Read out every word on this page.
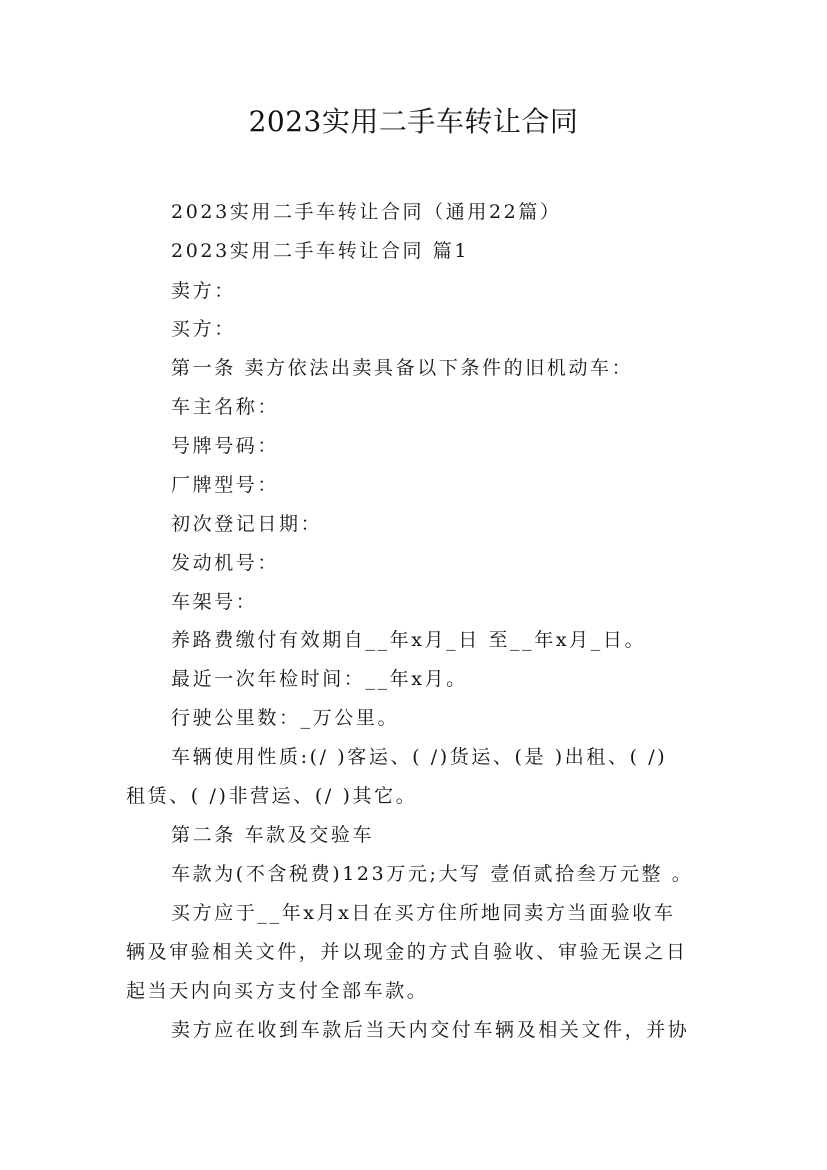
2023实用二手车转让合同
2023实用二手车转让合同（通用22篇）
2023实用二手车转让合同 篇1
卖方：
买方：
第一条 卖方依法出卖具备以下条件的旧机动车：
车主名称：
号牌号码：
厂牌型号：
初次登记日期：
发动机号：
车架号：
养路费缴付有效期自__年x月_日 至__年x月_日。
最近一次年检时间：__年x月。
行驶公里数：_万公里。
车辆使用性质:(/ )客运、( /)货运、(是 )出租、( /)
租赁、( /)非营运、(/ )其它。
第二条 车款及交验车
车款为(不含税费)123万元;大写 壹佰贰拾叁万元整 。
买方应于__年x月x日在买方住所地同卖方当面验收车
辆及审验相关文件，并以现金的方式自验收、审验无误之日
起当天内向买方支付全部车款。
卖方应在收到车款后当天内交付车辆及相关文件，并协
